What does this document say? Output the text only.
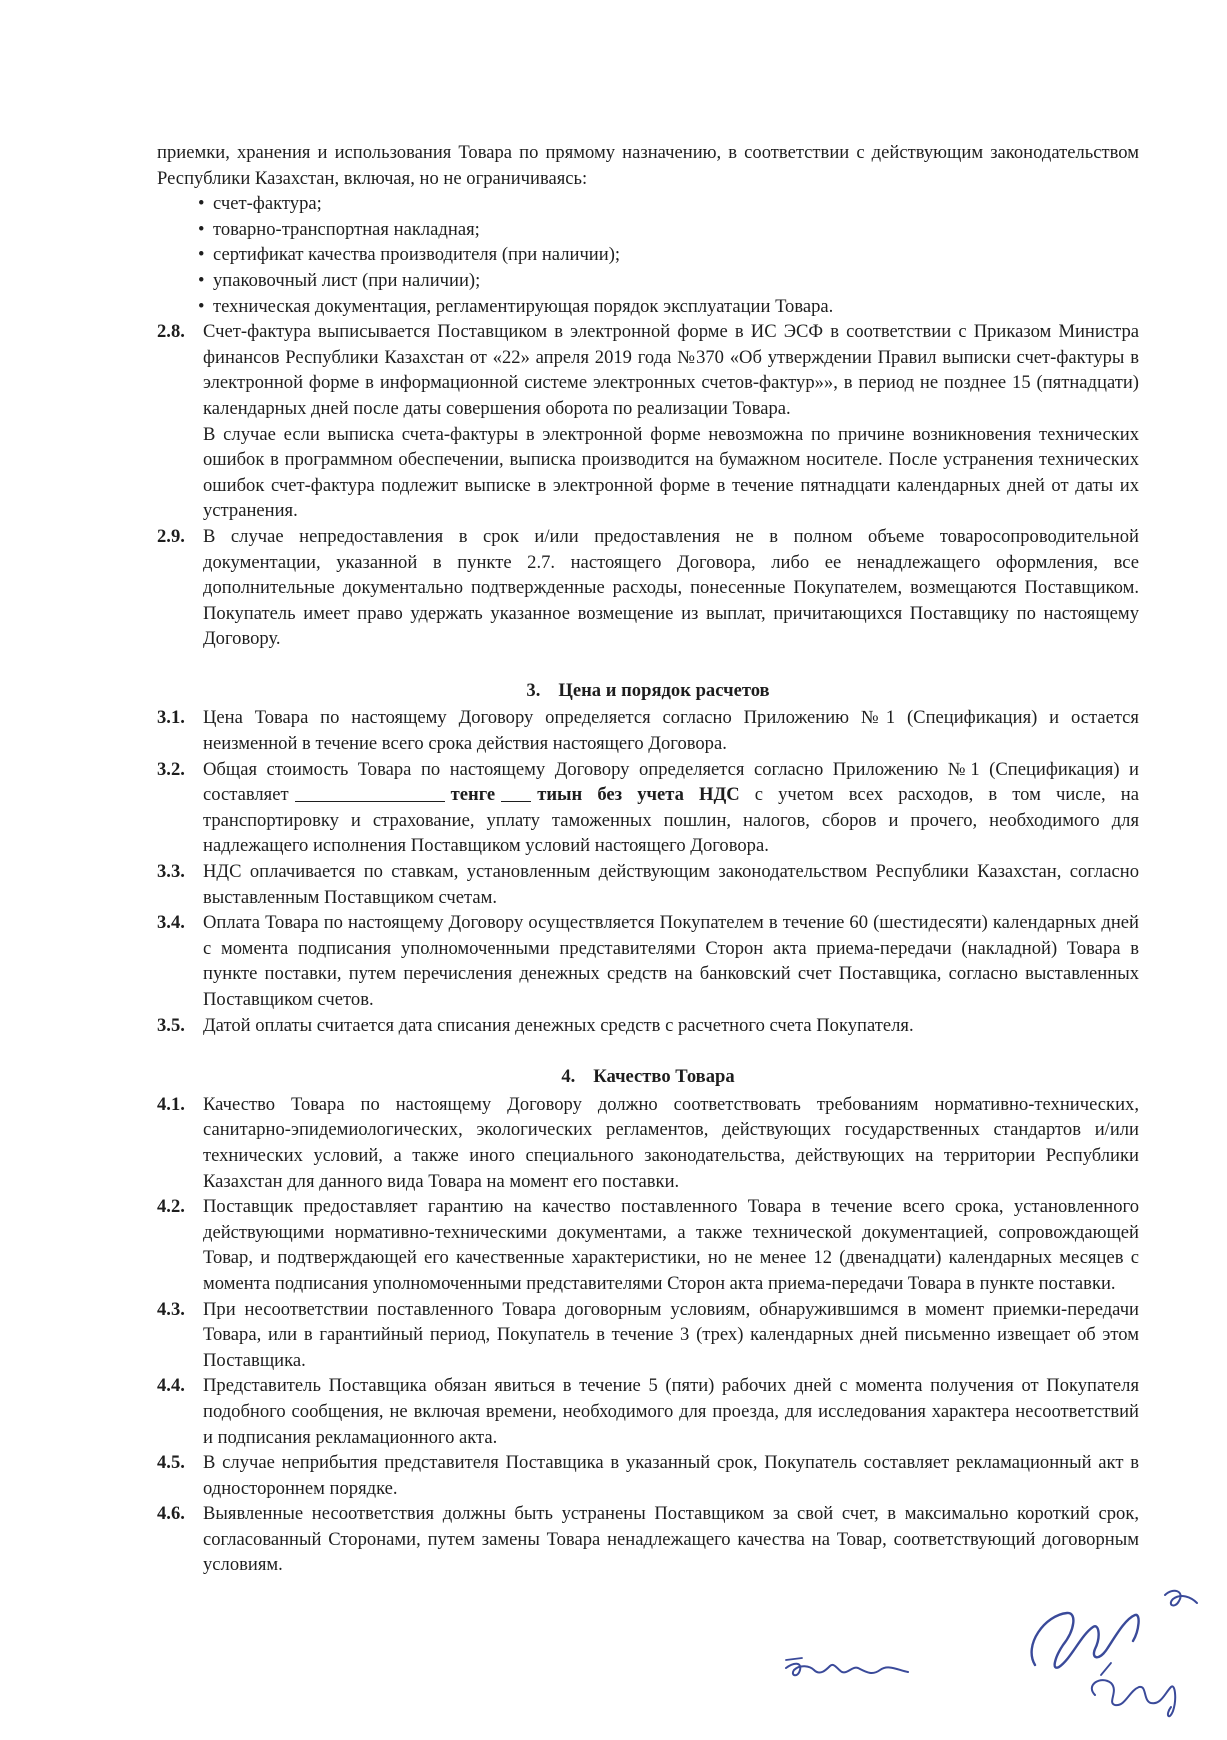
приемки, хранения и использования Товара по прямому назначению, в соответствии с действующим законодательством Республики Казахстан, включая, но не ограничиваясь:

• счет-фактура;
• товарно-транспортная накладная;
• сертификат качества производителя (при наличии);
• упаковочный лист (при наличии);
• техническая документация, регламентирующая порядок эксплуатации Товара.
2.8. Счет-фактура выписывается Поставщиком в электронной форме в ИС ЭСФ в соответствии с Приказом Министра финансов Республики Казахстан от «22» апреля 2019 года №370 «Об утверждении Правил выписки счет-фактуры в электронной форме в информационной системе электронных счетов-фактур»», в период не позднее 15 (пятнадцати) календарных дней после даты совершения оборота по реализации Товара.

В случае если выписка счета-фактуры в электронной форме невозможна по причине возникновения технических ошибок в программном обеспечении, выписка производится на бумажном носителе. После устранения технических ошибок счет-фактура подлежит выписке в электронной форме в течение пятнадцати календарных дней от даты их устранения.

2.9. В случае непредоставления в срок и/или предоставления не в полном объеме товаросопроводительной документации, указанной в пункте 2.7. настоящего Договора, либо ее ненадлежащего оформления, все дополнительные документально подтвержденные расходы, понесенные Покупателем, возмещаются Поставщиком. Покупатель имеет право удержать указанное возмещение из выплат, причитающихся Поставщику по настоящему Договору.

3. Цена и порядок расчетов
3.1. Цена Товара по настоящему Договору определяется согласно Приложению №1 (Спецификация) и остается неизменной в течение всего срока действия настоящего Договора.

3.2. Общая стоимость Товара по настоящему Договору определяется согласно Приложению №1 (Спецификация) и составляет	тенге тиын без учета НДС с учетом всех расходов, в том числе, на транспортировку и страхование, уплату таможенных пошлин, налогов, сборов и прочего, необходимого для надлежащего исполнения Поставщиком условий настоящего Договора.

3.3. НДС оплачивается по ставкам, установленным действующим законодательством Республики Казахстан, согласно выставленным Поставщиком счетам.

3.4. Оплата Товара по настоящему Договору осуществляется Покупателем в течение 60 (шестидесяти) календарных дней с момента подписания уполномоченными представителями Сторон акта приема-передачи (накладной) Товара в пункте поставки, путем перечисления денежных средств на банковский счет Поставщика, согласно выставленных Поставщиком счетов.

3.5. Датой оплаты считается дата списания денежных средств с расчетного счета Покупателя.

4. Качество Товара
4.1. Качество Товара по настоящему Договору должно соответствовать требованиям нормативно-технических, санитарно-эпидемиологических, экологических регламентов, действующих государственных стандартов и/или технических условий, а также иного специального законодательства, действующих на территории Республики Казахстан для данного вида Товара на момент его поставки.

4.2. Поставщик предоставляет гарантию на качество поставленного Товара в течение всего срока, установленного действующими нормативно-техническими документами, а также технической документацией, сопровождающей Товар, и подтверждающей его качественные характеристики, но не менее 12 (двенадцати) календарных месяцев с момента подписания уполномоченными представителями Сторон акта приема-передачи Товара в пункте поставки.

4.3. При несоответствии поставленного Товара договорным условиям, обнаружившимся в момент приемки-передачи Товара, или в гарантийный период, Покупатель в течение 3 (трех) календарных дней письменно извещает об этом Поставщика.

4.4. Представитель Поставщика обязан явиться в течение 5 (пяти) рабочих дней с момента получения от Покупателя подобного сообщения, не включая времени, необходимого для проезда, для исследования характера несоответствий и подписания рекламационного акта.

4.5. В случае неприбытия представителя Поставщика в указанный срок, Покупатель составляет рекламационный акт в одностороннем порядке.

4.6. Выявленные несоответствия должны быть устранены Поставщиком за свой счет, в максимально короткий срок, согласованный Сторонами, путем замены Товара ненадлежащего качества на Товар, соответствующий договорным условиям.
